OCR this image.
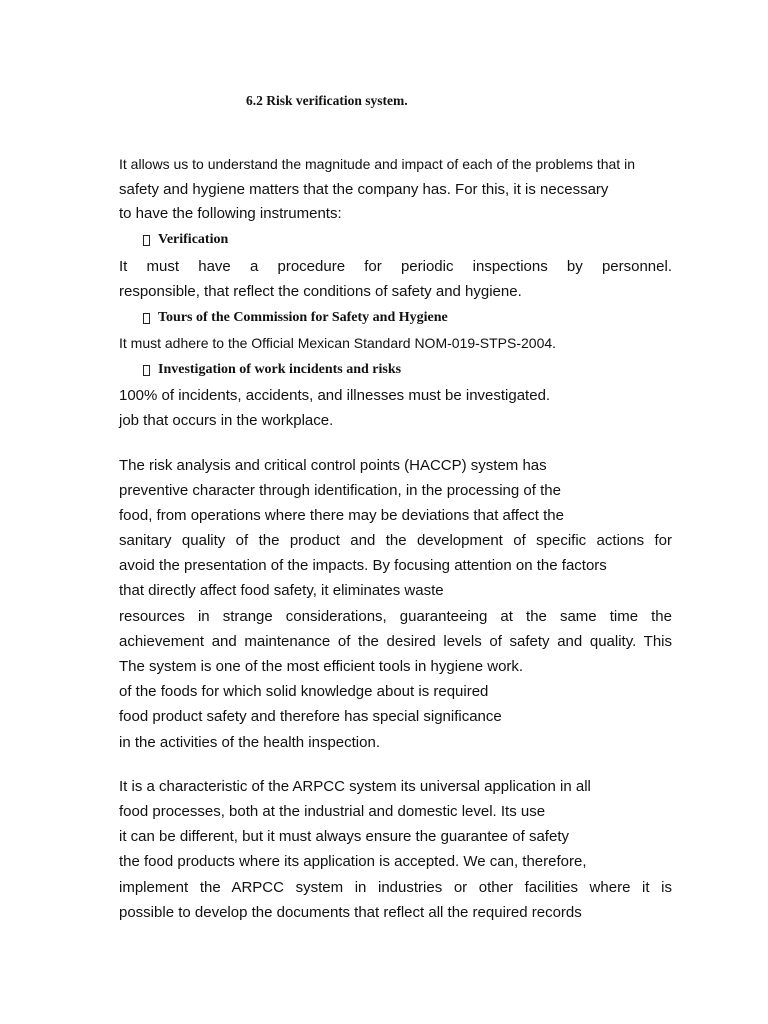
6.2 Risk verification system.
It allows us to understand the magnitude and impact of each of the problems that in
safety and hygiene matters that the company has. For this, it is necessary
to have the following instruments:
Verification
It must have a procedure for periodic inspections by personnel.
responsible, that reflect the conditions of safety and hygiene.
Tours of the Commission for Safety and Hygiene
It must adhere to the Official Mexican Standard NOM-019-STPS-2004.
Investigation of work incidents and risks
100% of incidents, accidents, and illnesses must be investigated.
job that occurs in the workplace.
The risk analysis and critical control points (HACCP) system has
preventive character through identification, in the processing of the
food, from operations where there may be deviations that affect the
sanitary quality of the product and the development of specific actions for
avoid the presentation of the impacts. By focusing attention on the factors
that directly affect food safety, it eliminates waste
resources in strange considerations, guaranteeing at the same time the
achievement and maintenance of the desired levels of safety and quality. This
The system is one of the most efficient tools in hygiene work.
of the foods for which solid knowledge about is required
food product safety and therefore has special significance
in the activities of the health inspection.
It is a characteristic of the ARPCC system its universal application in all
food processes, both at the industrial and domestic level. Its use
it can be different, but it must always ensure the guarantee of safety
the food products where its application is accepted. We can, therefore,
implement the ARPCC system in industries or other facilities where it is
possible to develop the documents that reflect all the required records
